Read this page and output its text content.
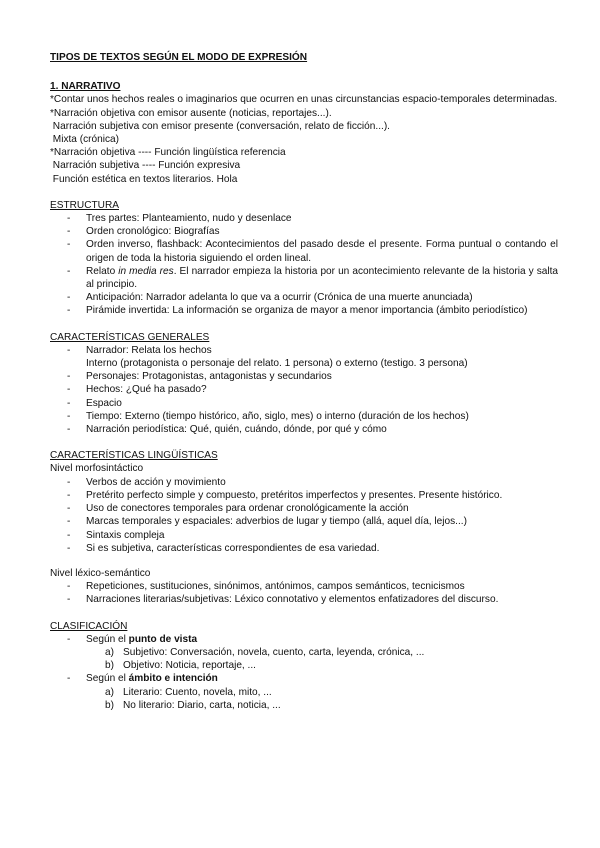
TIPOS DE TEXTOS SEGÚN EL MODO DE EXPRESIÓN
1. NARRATIVO

*Contar unos hechos reales o imaginarios que ocurren en unas circunstancias espacio-temporales determinadas.

*Narración objetiva con emisor ausente (noticias, reportajes...).

Narración subjetiva con emisor presente (conversación, relato de ficción...).

Mixta (crónica)

*Narración objetiva ---- Función lingüística referencia

Narración subjetiva ---- Función expresiva

Función estética en textos literarios. Hola

ESTRUCTURA
- Tres partes: Planteamiento, nudo y desenlace
- Orden cronológico: Biografías
- Orden inverso, flashback: Acontecimientos del pasado desde el presente. Forma puntual o contando el origen de toda la historia siguiendo el orden lineal.
- Relato in media res. El narrador empieza la historia por un acontecimiento relevante de la historia y salta al principio.
- Anticipación: Narrador adelanta lo que va a ocurrir (Crónica de una muerte anunciada)
- Pirámide invertida: La información se organiza de mayor a menor importancia (ámbito periodístico)
CARACTERÍSTICAS GENERALES
- Narrador: Relata los hechos
Interno (protagonista o personaje del relato. 1 persona) o externo (testigo. 3 persona)
- Personajes: Protagonistas, antagonistas y secundarios
- Hechos: ¿Qué ha pasado?
- Espacio
- Tiempo: Externo (tiempo histórico, año, siglo, mes) o interno (duración de los hechos)
- Narración periodística: Qué, quién, cuándo, dónde, por qué y cómo
CARACTERÍSTICAS LINGÜÍSTICAS
Nivel morfosintáctico
- Verbos de acción y movimiento
- Pretérito perfecto simple y compuesto, pretéritos imperfectos y presentes. Presente histórico.
- Uso de conectores temporales para ordenar cronológicamente la acción
- Marcas temporales y espaciales: adverbios de lugar y tiempo (allá, aquel día, lejos...)
- Sintaxis compleja
- Si es subjetiva, características correspondientes de esa variedad.
Nivel léxico-semántico
- Repeticiones, sustituciones, sinónimos, antónimos, campos semánticos, tecnicismos
- Narraciones literarias/subjetivas: Léxico connotativo y elementos enfatizadores del discurso.
CLASIFICACIÓN
- Según el punto de vista
a) Subjetivo: Conversación, novela, cuento, carta, leyenda, crónica, ...
b) Objetivo: Noticia, reportaje, ...
- Según el ámbito e intención
a) Literario: Cuento, novela, mito, ...
b) No literario: Diario, carta, noticia, ...
